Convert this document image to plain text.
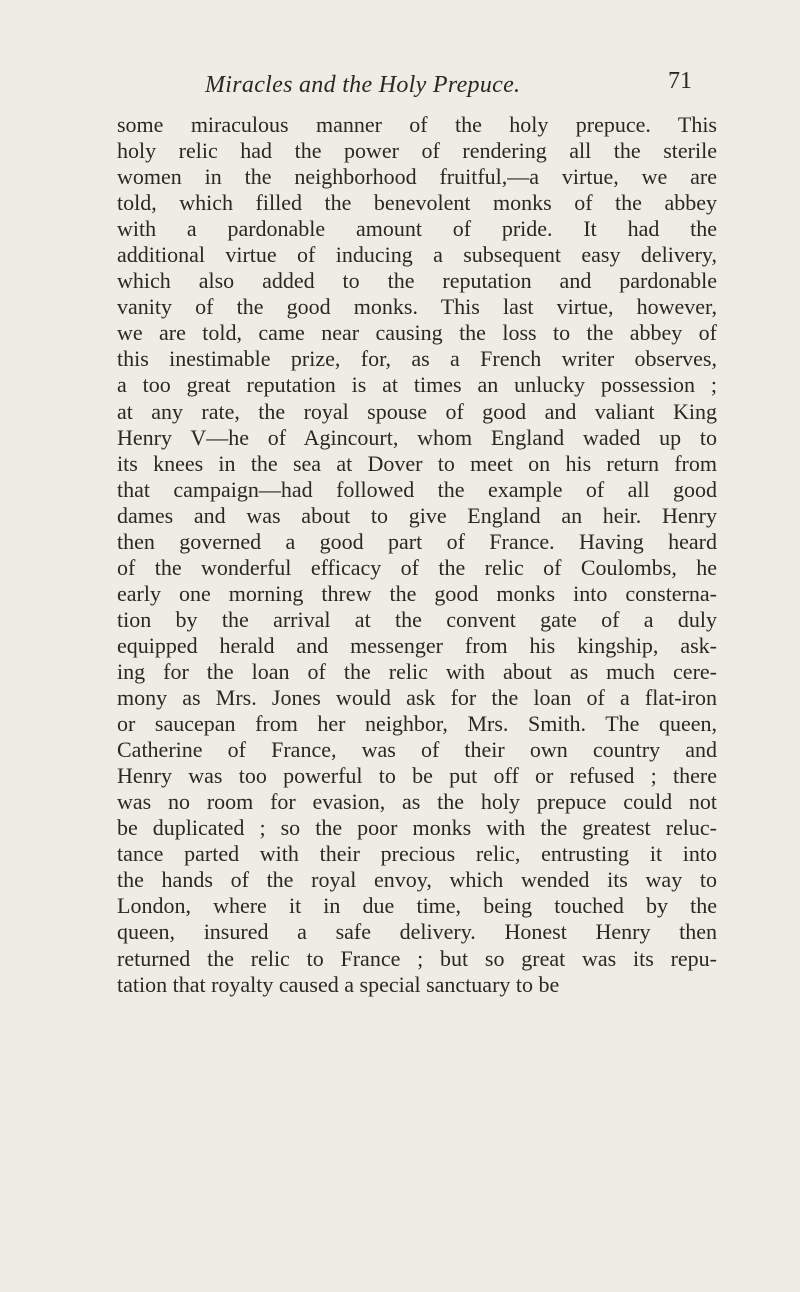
Miracles and the Holy Prepuce.	71
some miraculous manner of the holy prepuce. This
holy relic had the power of rendering all the sterile
women in the neighborhood fruitful,—a virtue, we are
told, which filled the benevolent monks of the abbey
with a pardonable amount of pride. It had the
additional virtue of inducing a subsequent easy delivery,
which also added to the reputation and pardonable
vanity of the good monks. This last virtue, however,
we are told, came near causing the loss to the abbey of
this inestimable prize, for, as a French writer observes,
a too great reputation is at times an unlucky possession ;
at any rate, the royal spouse of good and valiant King
Henry V—he of Agincourt, whom England waded up to
its knees in the sea at Dover to meet on his return from
that campaign—had followed the example of all good
dames and was about to give England an heir. Henry
then governed a good part of France. Having heard
of the wonderful efficacy of the relic of Coulombs, he
early one morning threw the good monks into consterna-
tion by the arrival at the convent gate of a duly
equipped herald and messenger from his kingship, ask-
ing for the loan of the relic with about as much cere-
mony as Mrs. Jones would ask for the loan of a flat-iron
or saucepan from her neighbor, Mrs. Smith. The queen,
Catherine of France, was of their own country and
Henry was too powerful to be put off or refused ; there
was no room for evasion, as the holy prepuce could not
be duplicated ; so the poor monks with the greatest reluc-
tance parted with their precious relic, entrusting it into
the hands of the royal envoy, which wended its way to
London, where it in due time, being touched by the
queen, insured a safe delivery. Honest Henry then
returned the relic to France ; but so great was its repu-
tation that royalty caused a special sanctuary to be
